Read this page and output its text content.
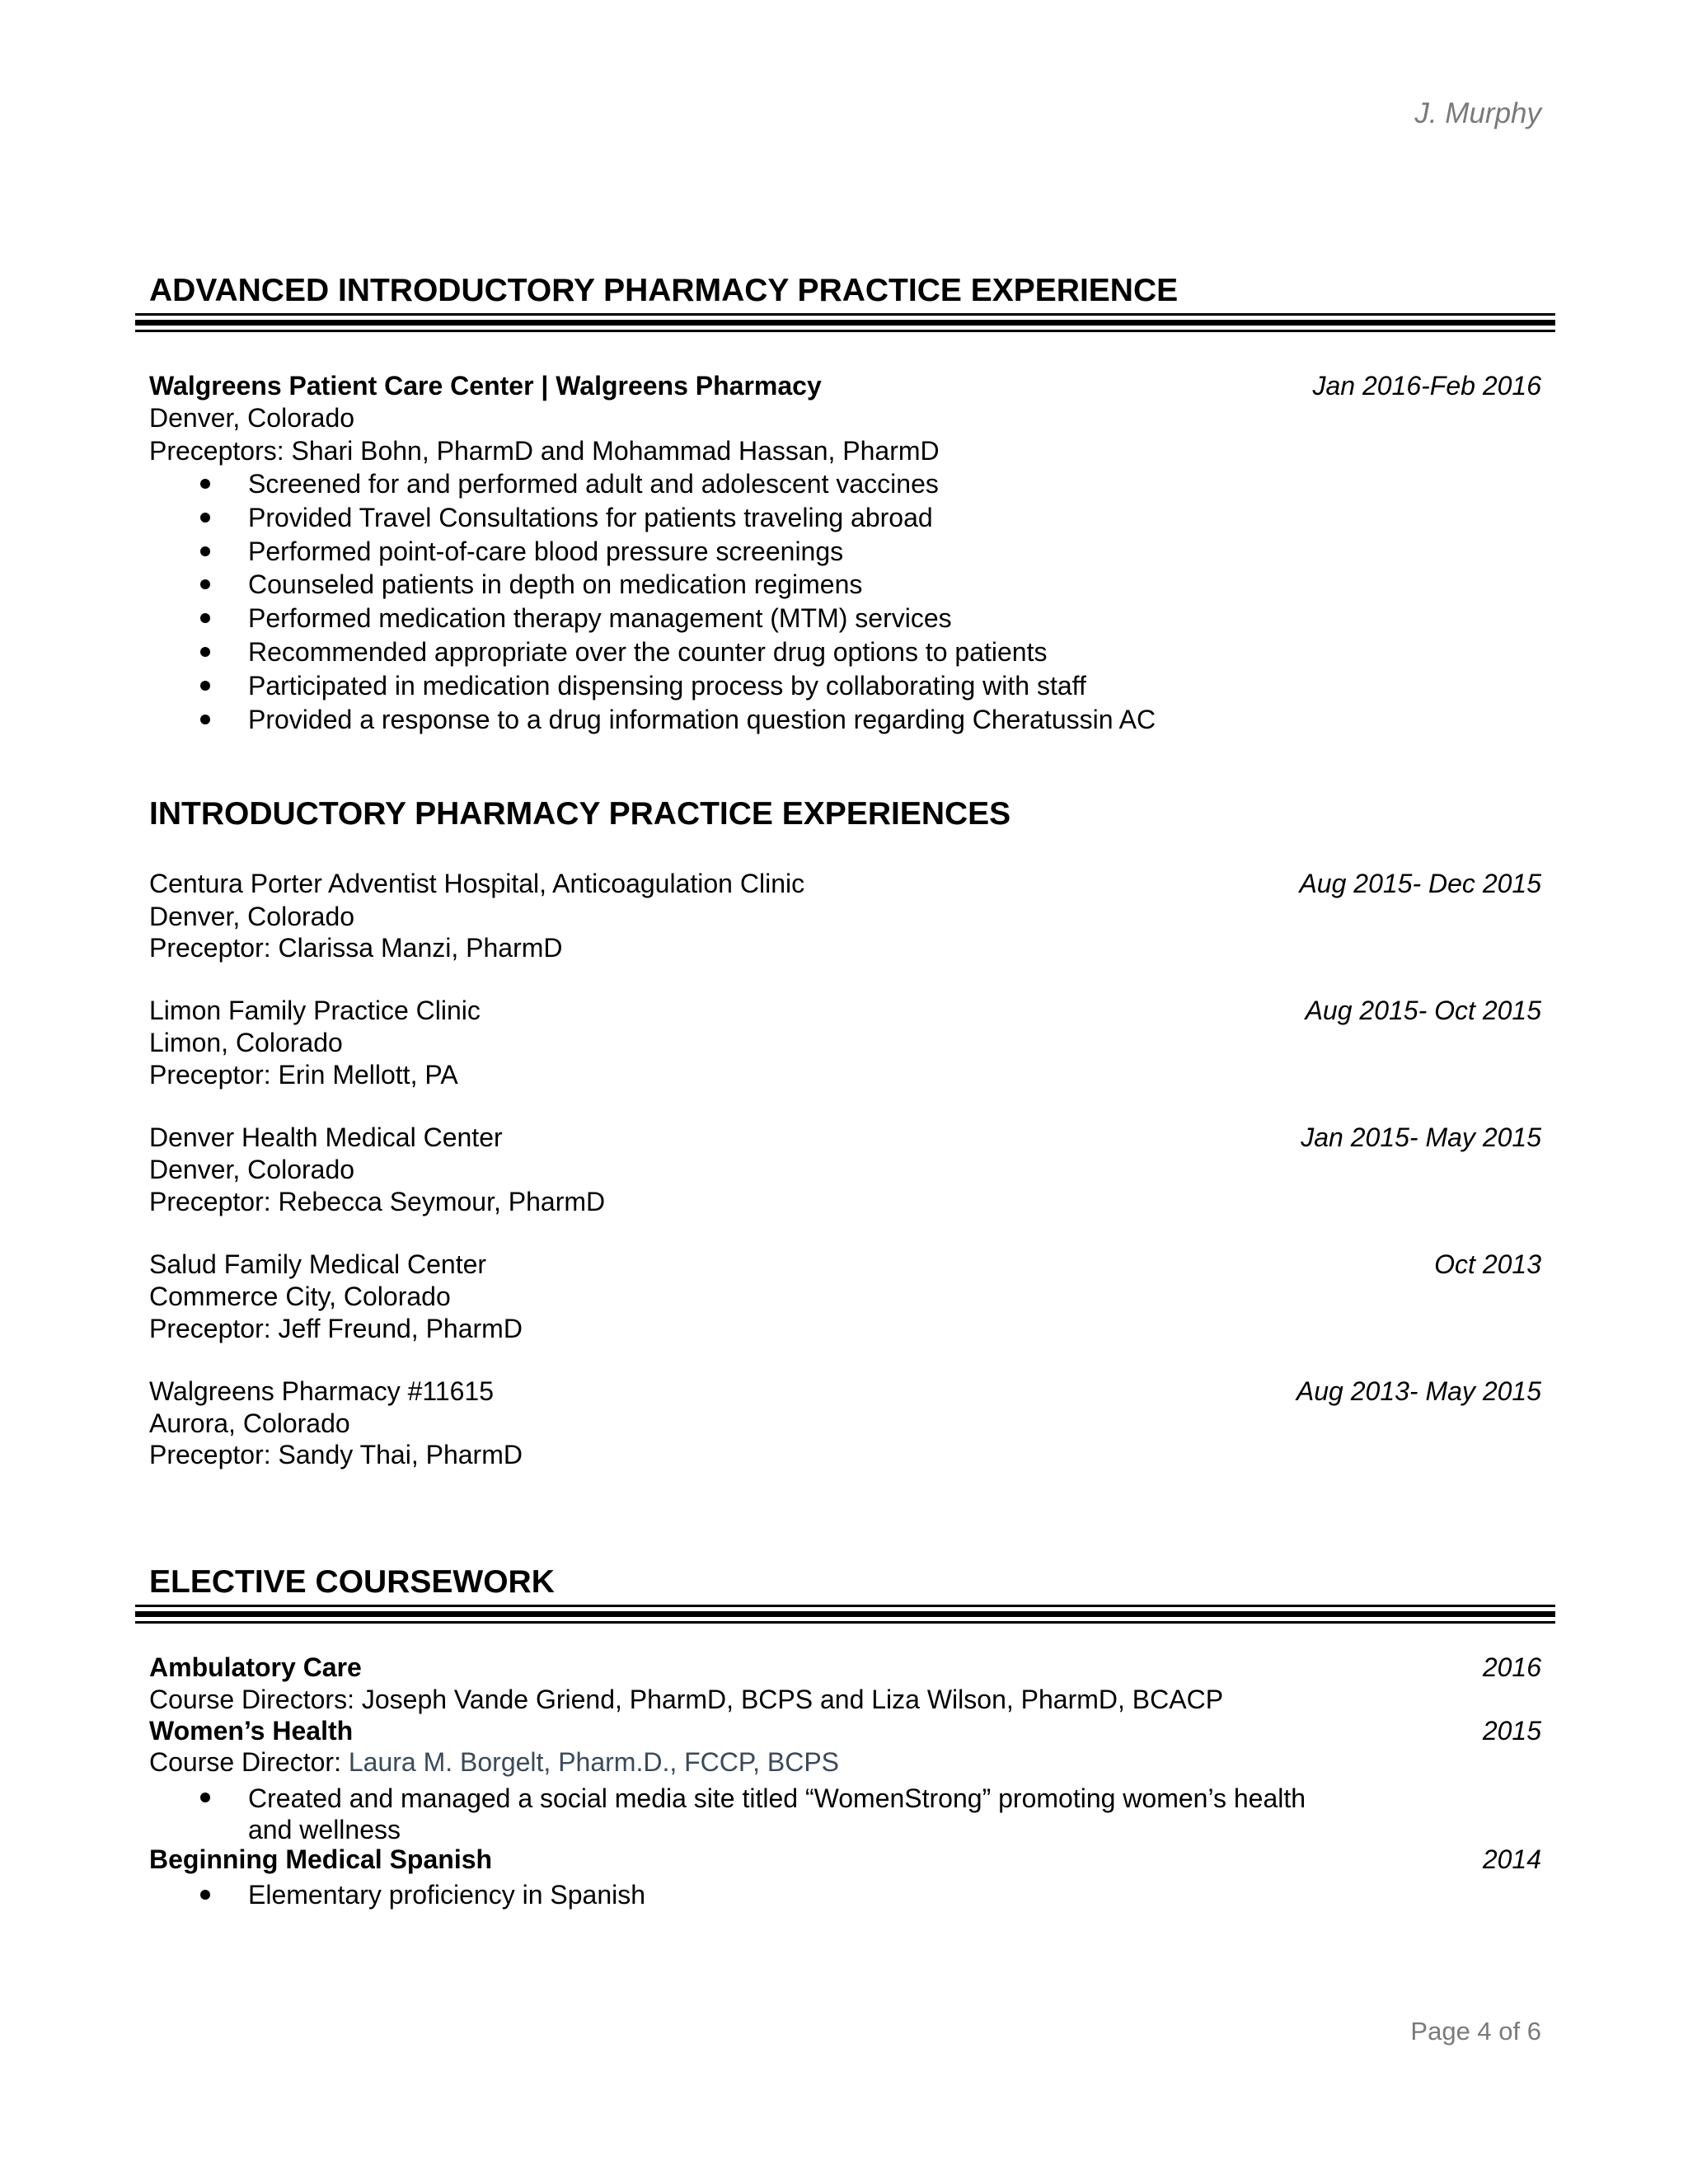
J. Murphy
ADVANCED INTRODUCTORY PHARMACY PRACTICE EXPERIENCE
Walgreens Patient Care Center | Walgreens Pharmacy	Jan 2016-Feb 2016
Denver, Colorado
Preceptors: Shari Bohn, PharmD and Mohammad Hassan, PharmD
Screened for and performed adult and adolescent vaccines
Provided Travel Consultations for patients traveling abroad
Performed point-of-care blood pressure screenings
Counseled patients in depth on medication regimens
Performed medication therapy management (MTM) services
Recommended appropriate over the counter drug options to patients
Participated in medication dispensing process by collaborating with staff
Provided a response to a drug information question regarding Cheratussin AC
INTRODUCTORY PHARMACY PRACTICE EXPERIENCES
Centura Porter Adventist Hospital, Anticoagulation Clinic	Aug 2015- Dec 2015
Denver, Colorado
Preceptor: Clarissa Manzi, PharmD
Limon Family Practice Clinic	Aug 2015- Oct 2015
Limon, Colorado
Preceptor: Erin Mellott, PA
Denver Health Medical Center	Jan 2015- May 2015
Denver, Colorado
Preceptor: Rebecca Seymour, PharmD
Salud Family Medical Center	Oct 2013
Commerce City, Colorado
Preceptor: Jeff Freund, PharmD
Walgreens Pharmacy #11615	Aug 2013- May 2015
Aurora, Colorado
Preceptor: Sandy Thai, PharmD
ELECTIVE COURSEWORK
Ambulatory Care	2016
Course Directors: Joseph Vande Griend, PharmD, BCPS and Liza Wilson, PharmD, BCACP
Women’s Health	2015
Course Director: Laura M. Borgelt, Pharm.D., FCCP, BCPS
Created and managed a social media site titled “WomenStrong” promoting women’s health
and wellness
Beginning Medical Spanish	2014
Elementary proficiency in Spanish
Page 4 of 6
